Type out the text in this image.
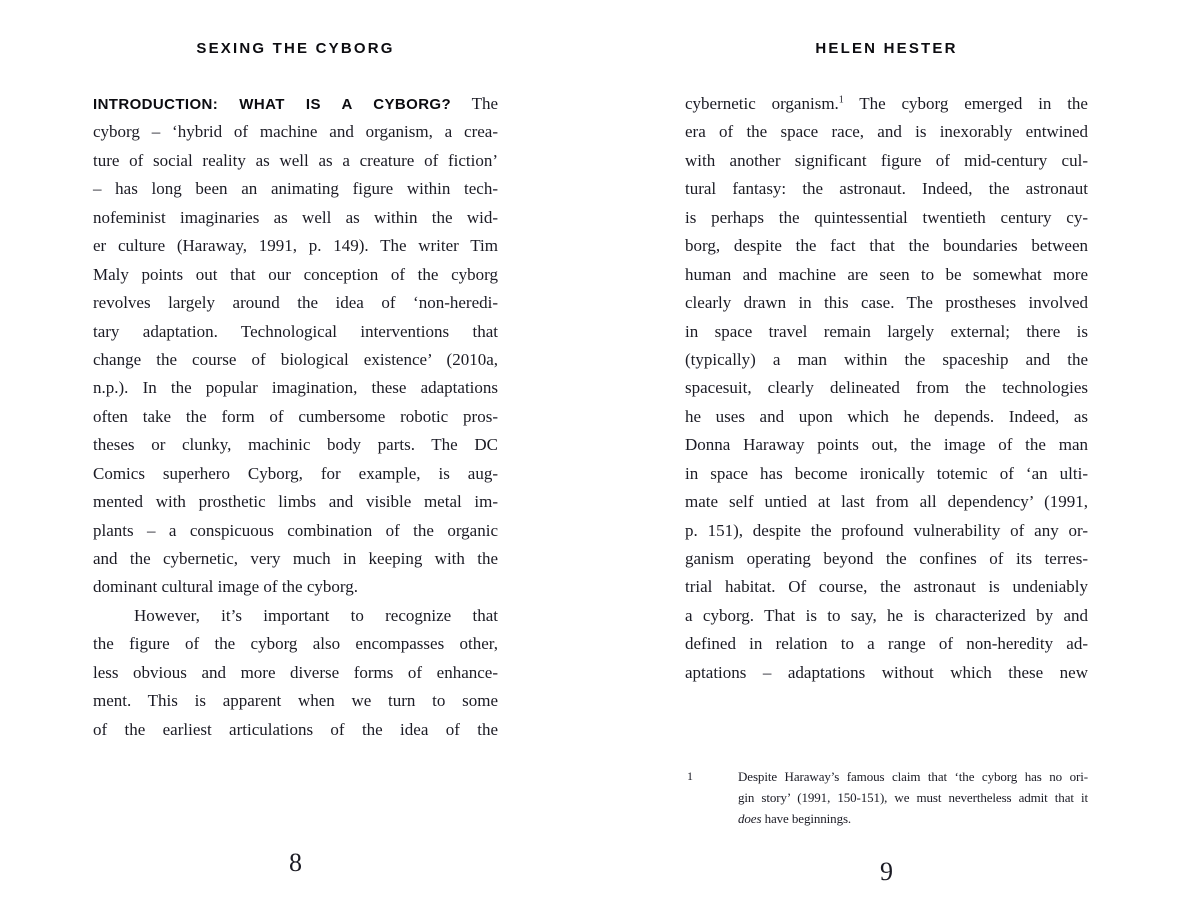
SEXING THE CYBORG
INTRODUCTION: WHAT IS A CYBORG? The
cyborg – ‘hybrid of machine and organism, a crea-
ture of social reality as well as a creature of fiction’
– has long been an animating figure within tech-
nofeminist imaginaries as well as within the wid-
er culture (Haraway, 1991, p. 149). The writer Tim
Maly points out that our conception of the cyborg
revolves largely around the idea of ‘non-heredi-
tary adaptation. Technological interventions that
change the course of biological existence’ (2010a,
n.p.). In the popular imagination, these adaptations
often take the form of cumbersome robotic pros-
theses or clunky, machinic body parts. The DC
Comics superhero Cyborg, for example, is aug-
mented with prosthetic limbs and visible metal im-
plants – a conspicuous combination of the organic
and the cybernetic, very much in keeping with the
dominant cultural image of the cyborg.
However, it’s important to recognize that
the figure of the cyborg also encompasses other,
less obvious and more diverse forms of enhance-
ment. This is apparent when we turn to some
of the earliest articulations of the idea of the
8
HELEN HESTER
cybernetic organism.$^1$ The cyborg emerged in the
era of the space race, and is inexorably entwined
with another significant figure of mid-century cul-
tural fantasy: the astronaut. Indeed, the astronaut
is perhaps the quintessential twentieth century cy-
borg, despite the fact that the boundaries between
human and machine are seen to be somewhat more
clearly drawn in this case. The prostheses involved
in space travel remain largely external; there is
(typically) a man within the spaceship and the
spacesuit, clearly delineated from the technologies
he uses and upon which he depends. Indeed, as
Donna Haraway points out, the image of the man
in space has become ironically totemic of ‘an ulti-
mate self untied at last from all dependency’ (1991,
p. 151), despite the profound vulnerability of any or-
ganism operating beyond the confines of its terres-
trial habitat. Of course, the astronaut is undeniably
a cyborg. That is to say, he is characterized by and
defined in relation to a range of non-heredity ad-
aptations – adaptations without which these new
1	Despite Haraway’s famous claim that ‘the cyborg has no ori-
gin story’ (1991, 150-151), we must nevertheless admit that it
does have beginnings.
9
